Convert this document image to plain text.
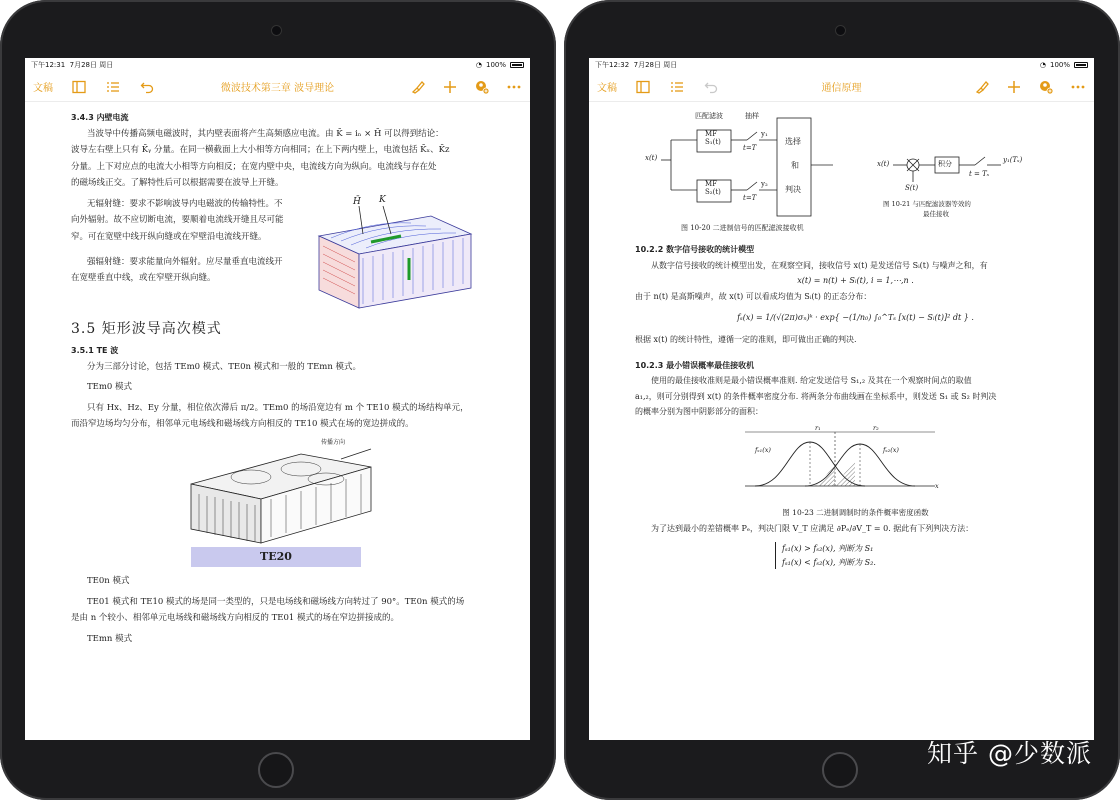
下午12:31 7月28日 周日	◔ 100%
文稿	微波技术第三章 波导理论

3.4.3 内壁电流

当波导中传播高频电磁波时，其内壁表面将产生高频感应电流。由 K̄ = iₙ × H̄ 可以得到结论：

波导左右壁上只有 K̄ᵧ 分量。在同一横截面上大小相等方向相同；在上下两内壁上，电流包括 K̄ₓ、K̄z

分量。上下对应点的电流大小相等方向相反；在宽内壁中央，电流线方向为纵向。电流线与存在处

的磁场线正交。了解特性后可以根据需要在波导上开缝。

无辐射缝：要求不影响波导内电磁波的传输特性。不

向外辐射。故不应切断电流，要顺着电流线开缝且尽可能

窄。可在宽壁中线开纵向缝或在窄壁沿电流线开缝。

强辐射缝：要求能量向外辐射。应尽量垂直电流线开

在宽壁垂直中线，或在窄壁开纵向缝。

H̄ K

3.5 矩形波导高次模式

3.5.1 TE 波

分为三部分讨论，包括 TEm0 模式、TE0n 模式和一般的 TEmn 模式。

TEm0 模式

只有 Hx、Hz、Ey 分量，相位依次滞后 π/2。TEm0 的场沿宽边有 m 个 TE10 模式的场结构单元，

而沿窄边场均匀分布，相邻单元电场线和磁场线方向相反的 TE10 模式在场的宽边拼成的。

传播方向
TE20

TE0n 模式

TE01 模式和 TE10 模式的场是同一类型的，只是电场线和磁场线方向转过了 90°。TE0n 模式的场

是由 n 个较小、相邻单元电场线和磁场线方向相反的 TE01 模式的场在窄边拼接成的。

TEmn 模式

下午12:32 7月28日 周日	◔ 100%
文稿	通信原理
匹配滤波	抽样
x(t)
MF
S₁(t)
MF
S₂(t)
y₁
t=T
y₂
t=T
选择
和
判决
x(t)	积分
S(t)
y₁(Tₛ)
t = Tₛ
图 10-21 与匹配滤波器等效的
最佳接收
图 10-20 二进制信号的匹配滤波接收机

10.2.2 数字信号接收的统计模型

从数字信号接收的统计模型出发，在观察空间，接收信号 x(t) 是发送信号 Sᵢ(t) 与噪声之和，有

x(t) = n(t) + Sᵢ(t), i = 1,⋯,n .

由于 n(t) 是高斯噪声，故 x(t) 可以看成均值为 Sᵢ(t) 的正态分布：

fₛ(x) = 1/(√(2π)σₙ)ᵏ · exp{ −(1/n₀) ∫₀^Tₛ [x(t) − Sᵢ(t)]² dt } .

根据 x(t) 的统计特性，遵循一定的准则，即可做出正确的判决.

10.2.3 最小错误概率最佳接收机

使用的最佳接收准则是最小错误概率准则. 给定发送信号 S₁,₂ 及其在一个观察时间点的取值

a₁,₂，则可分别得到 x(t) 的条件概率密度分布. 将两条分布曲线画在坐标系中，则发送 S₁ 或 S₂ 时判决

的概率分别为图中阴影部分的面积：

r₁	r₂
fₛ₁(x)	fₛ₂(x)
x

图 10-23 二进制调制时的条件概率密度函数

为了达到最小的差错概率 Pₑ，判决门限 V_T 应满足 ∂Pₑ/∂V_T = 0. 据此有下列判决方法：

fₛ₁(x) > fₛ₂(x), 判断为 S₁

fₛ₁(x) < fₛ₂(x), 判断为 S₂.

知乎 @少数派
